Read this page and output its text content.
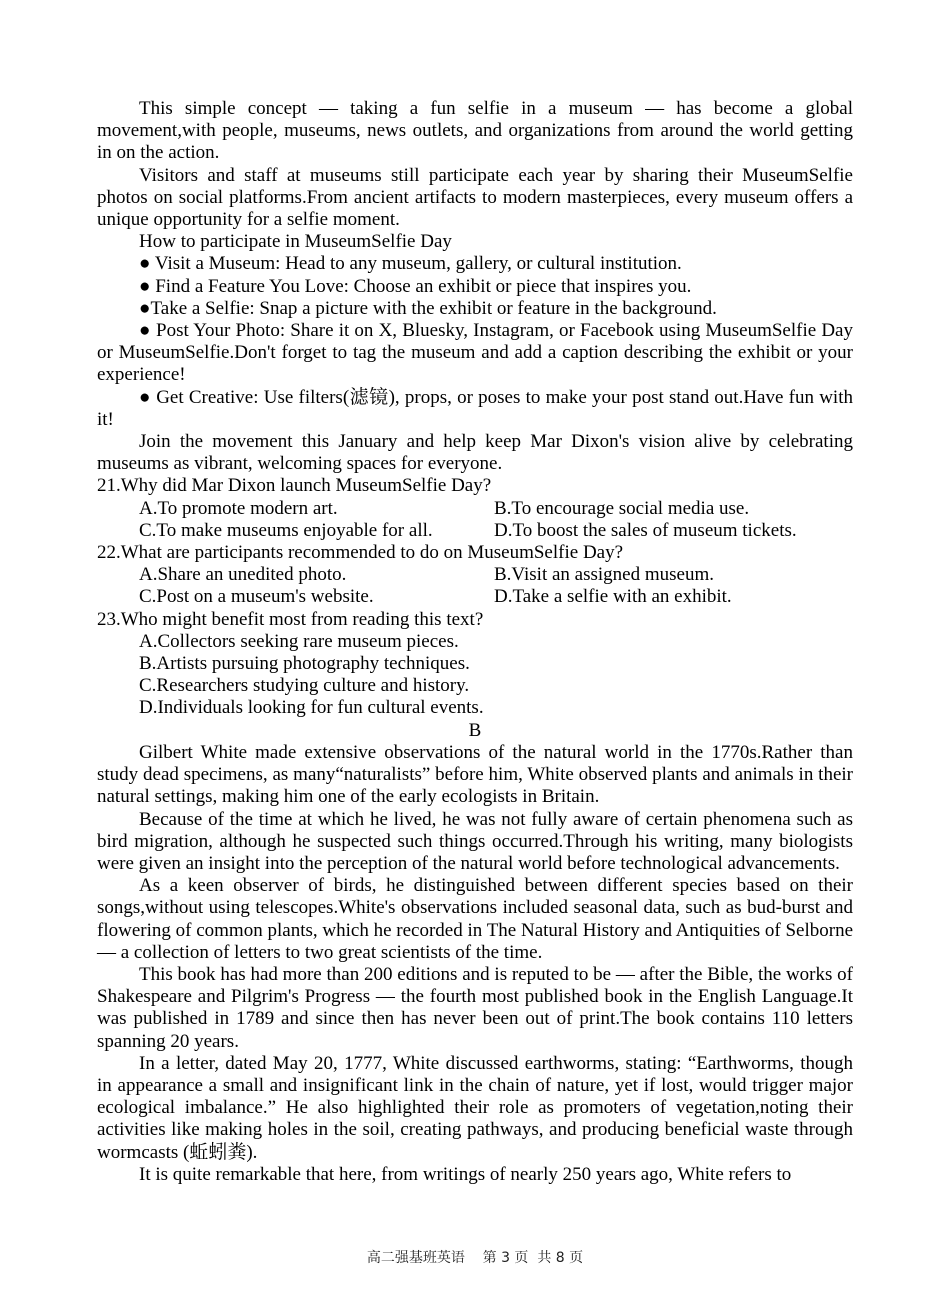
This simple concept — taking a fun selfie in a museum — has become a global movement,with people, museums, news outlets, and organizations from around the world getting in on the action.

Visitors and staff at museums still participate each year by sharing their MuseumSelfie photos on social platforms.From ancient artifacts to modern masterpieces, every museum offers a unique opportunity for a selfie moment.

How to participate in MuseumSelfie Day

● Visit a Museum: Head to any museum, gallery, or cultural institution.

● Find a Feature You Love: Choose an exhibit or piece that inspires you.

●Take a Selfie: Snap a picture with the exhibit or feature in the background.

● Post Your Photo: Share it on X, Bluesky, Instagram, or Facebook using MuseumSelfie Day or MuseumSelfie.Don't forget to tag the museum and add a caption describing the exhibit or your experience!

● Get Creative: Use filters(滤镜), props, or poses to make your post stand out.Have fun with it!

Join the movement this January and help keep Mar Dixon's vision alive by celebrating museums as vibrant, welcoming spaces for everyone.

21.Why did Mar Dixon launch MuseumSelfie Day?

A.To promote modern art.	B.To encourage social media use.
C.To make museums enjoyable for all.	D.To boost the sales of museum tickets.

22.What are participants recommended to do on MuseumSelfie Day?

A.Share an unedited photo.	B.Visit an assigned museum.
C.Post on a museum's website.	D.Take a selfie with an exhibit.

23.Who might benefit most from reading this text?

A.Collectors seeking rare museum pieces.

B.Artists pursuing photography techniques.

C.Researchers studying culture and history.

D.Individuals looking for fun cultural events.

B

Gilbert White made extensive observations of the natural world in the 1770s.Rather than study dead specimens, as many“naturalists” before him, White observed plants and animals in their natural settings, making him one of the early ecologists in Britain.

Because of the time at which he lived, he was not fully aware of certain phenomena such as bird migration, although he suspected such things occurred.Through his writing, many biologists were given an insight into the perception of the natural world before technological advancements.

As a keen observer of birds, he distinguished between different species based on their songs,without using telescopes.White's observations included seasonal data, such as bud-burst and flowering of common plants, which he recorded in The Natural History and Antiquities of Selborne — a collection of letters to two great scientists of the time.

This book has had more than 200 editions and is reputed to be — after the Bible, the works of Shakespeare and Pilgrim's Progress — the fourth most published book in the English Language.It was published in 1789 and since then has never been out of print.The book contains 110 letters spanning 20 years.

In a letter, dated May 20, 1777, White discussed earthworms, stating: “Earthworms, though in appearance a small and insignificant link in the chain of nature, yet if lost, would trigger major ecological imbalance.” He also highlighted their role as promoters of vegetation,noting their activities like making holes in the soil, creating pathways, and producing beneficial waste through wormcasts (蚯蚓粪).

It is quite remarkable that here, from writings of nearly 250 years ago, White refers to

高二强基班英语    第 3 页  共 8 页
